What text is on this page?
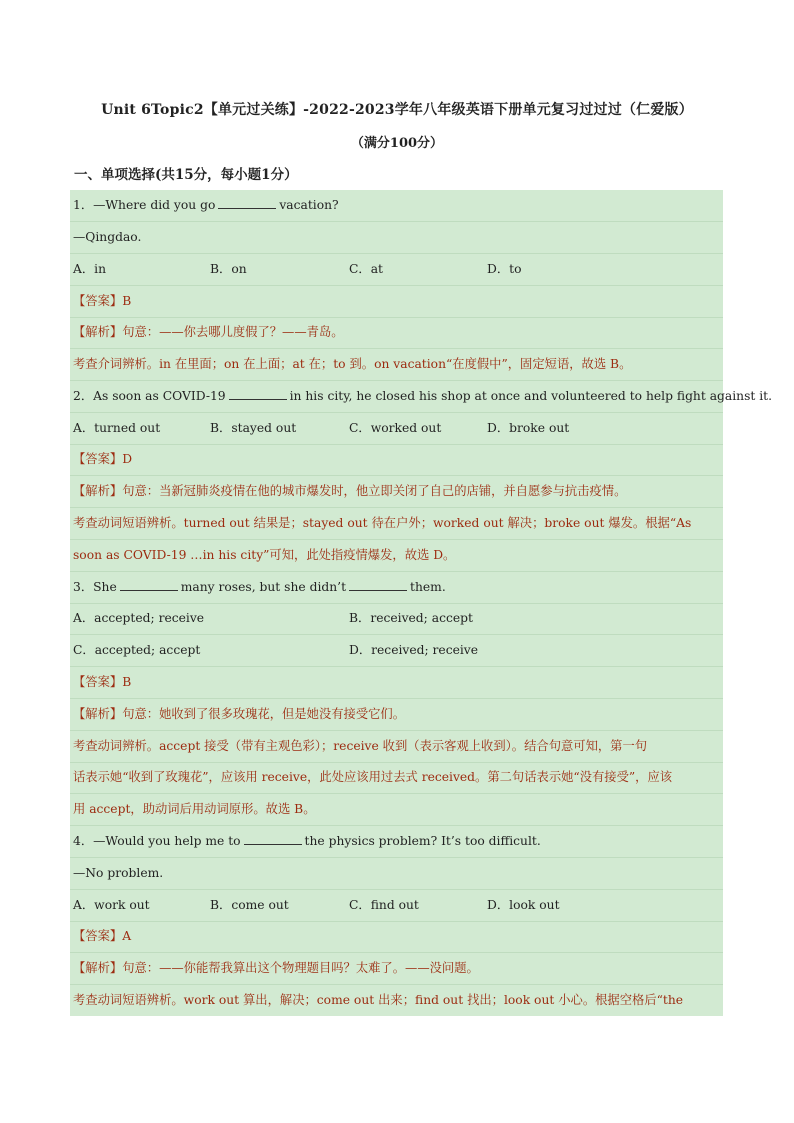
Unit 6Topic2【单元过关练】-2022-2023学年八年级英语下册单元复习过过过（仁爱版）
（满分100分）
一、单项选择(共15分，每小题1分）
1．—Where did you go	vacation?
—Qingdao.
A．in	B．on	C．at	D．to
【答案】B
【解析】句意：——你去哪儿度假了？——青岛。
考查介词辨析。in 在里面；on 在上面；at 在；to 到。on vacation“在度假中”，固定短语，故选 B。
2．As soon as COVID-19	in his city, he closed his shop at once and volunteered to help fight against it.
A．turned out	B．stayed out	C．worked out	D．broke out
【答案】D
【解析】句意：当新冠肺炎疫情在他的城市爆发时，他立即关闭了自己的店铺，并自愿参与抗击疫情。
考查动词短语辨析。turned out 结果是；stayed out 待在户外；worked out 解决；broke out 爆发。根据“As
soon as COVID-19 …in his city”可知，此处指疫情爆发，故选 D。
3．She	many roses, but she didn’t	them.
A．accepted; receive	B．received; accept
C．accepted; accept	D．received; receive
【答案】B
【解析】句意：她收到了很多玫瑰花，但是她没有接受它们。
考查动词辨析。accept 接受（带有主观色彩）；receive 收到（表示客观上收到）。结合句意可知，第一句
话表示她“收到了玫瑰花”，应该用 receive，此处应该用过去式 received。第二句话表示她“没有接受”，应该
用 accept，助动词后用动词原形。故选 B。
4．—Would you help me to	the physics problem? It’s too difficult.
—No problem.
A．work out	B．come out	C．find out	D．look out
【答案】A
【解析】句意：——你能帮我算出这个物理题目吗？太难了。——没问题。
考查动词短语辨析。work out 算出，解决；come out 出来；find out 找出；look out 小心。根据空格后“the
